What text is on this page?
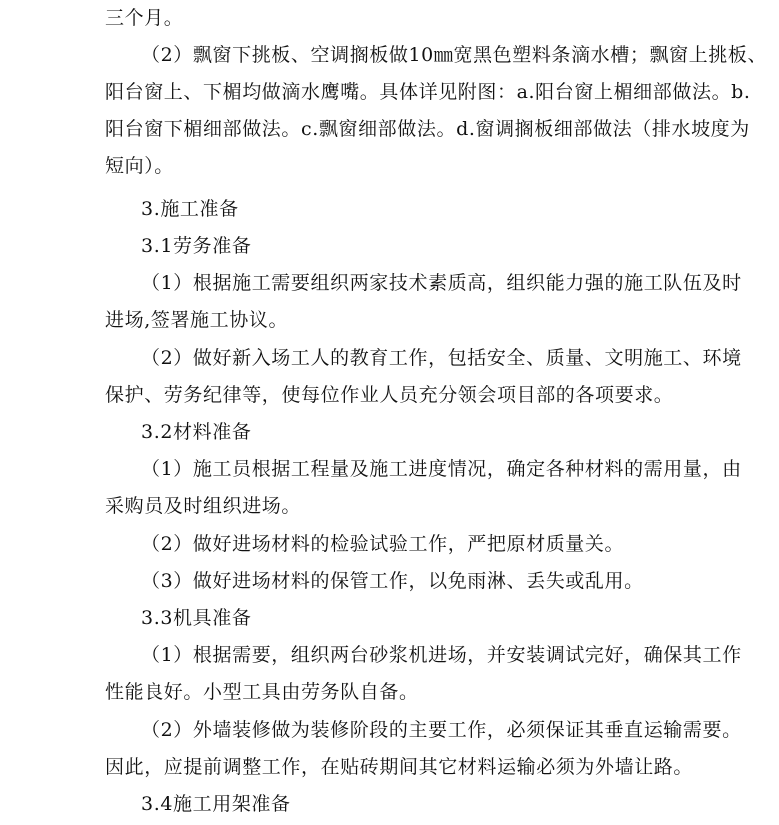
三个月。
（2）飘窗下挑板、空调搁板做10㎜宽黑色塑料条滴水槽；飘窗上挑板、
阳台窗上、下楣均做滴水鹰嘴。具体详见附图：a.阳台窗上楣细部做法。b.
阳台窗下楣细部做法。c.飘窗细部做法。d.窗调搁板细部做法（排水坡度为
短向）。
3.施工准备
3.1劳务准备
（1）根据施工需要组织两家技术素质高，组织能力强的施工队伍及时
进场,签署施工协议。
（2）做好新入场工人的教育工作，包括安全、质量、文明施工、环境
保护、劳务纪律等，使每位作业人员充分领会项目部的各项要求。
3.2材料准备
（1）施工员根据工程量及施工进度情况，确定各种材料的需用量，由
采购员及时组织进场。
（2）做好进场材料的检验试验工作，严把原材质量关。
（3）做好进场材料的保管工作，以免雨淋、丢失或乱用。
3.3机具准备
（1）根据需要，组织两台砂浆机进场，并安装调试完好，确保其工作
性能良好。小型工具由劳务队自备。
（2）外墙装修做为装修阶段的主要工作，必须保证其垂直运输需要。
因此，应提前调整工作，在贴砖期间其它材料运输必须为外墙让路。
3.4施工用架准备
